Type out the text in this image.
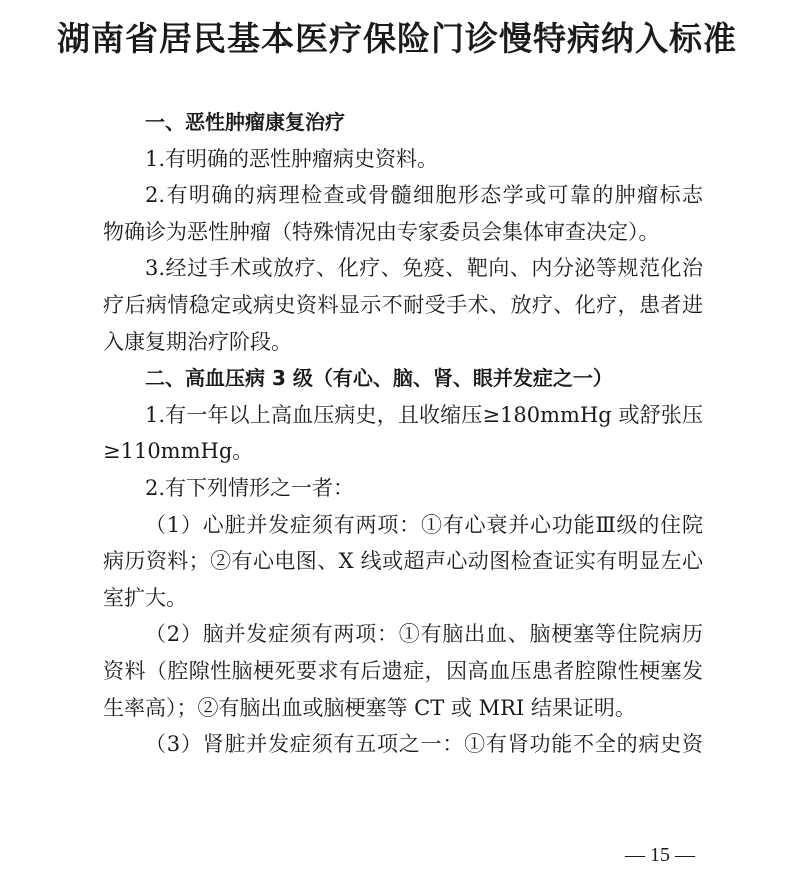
湖南省居民基本医疗保险门诊慢特病纳入标准

一、恶性肿瘤康复治疗

1.有明确的恶性肿瘤病史资料。

2.有明确的病理检查或骨髓细胞形态学或可靠的肿瘤标志

物确诊为恶性肿瘤（特殊情况由专家委员会集体审查决定）。

3.经过手术或放疗、化疗、免疫、靶向、内分泌等规范化治

疗后病情稳定或病史资料显示不耐受手术、放疗、化疗，患者进

入康复期治疗阶段。

二、高血压病 3 级（有心、脑、肾、眼并发症之一）

1.有一年以上高血压病史，且收缩压≥180mmHg 或舒张压

≥110mmHg。

2.有下列情形之一者：

（1）心脏并发症须有两项：①有心衰并心功能Ⅲ级的住院

病历资料；②有心电图、X 线或超声心动图检查证实有明显左心

室扩大。

（2）脑并发症须有两项：①有脑出血、脑梗塞等住院病历

资料（腔隙性脑梗死要求有后遗症，因高血压患者腔隙性梗塞发

生率高）；②有脑出血或脑梗塞等 CT 或 MRI 结果证明。

（3）肾脏并发症须有五项之一：①有肾功能不全的病史资

— 15 —
